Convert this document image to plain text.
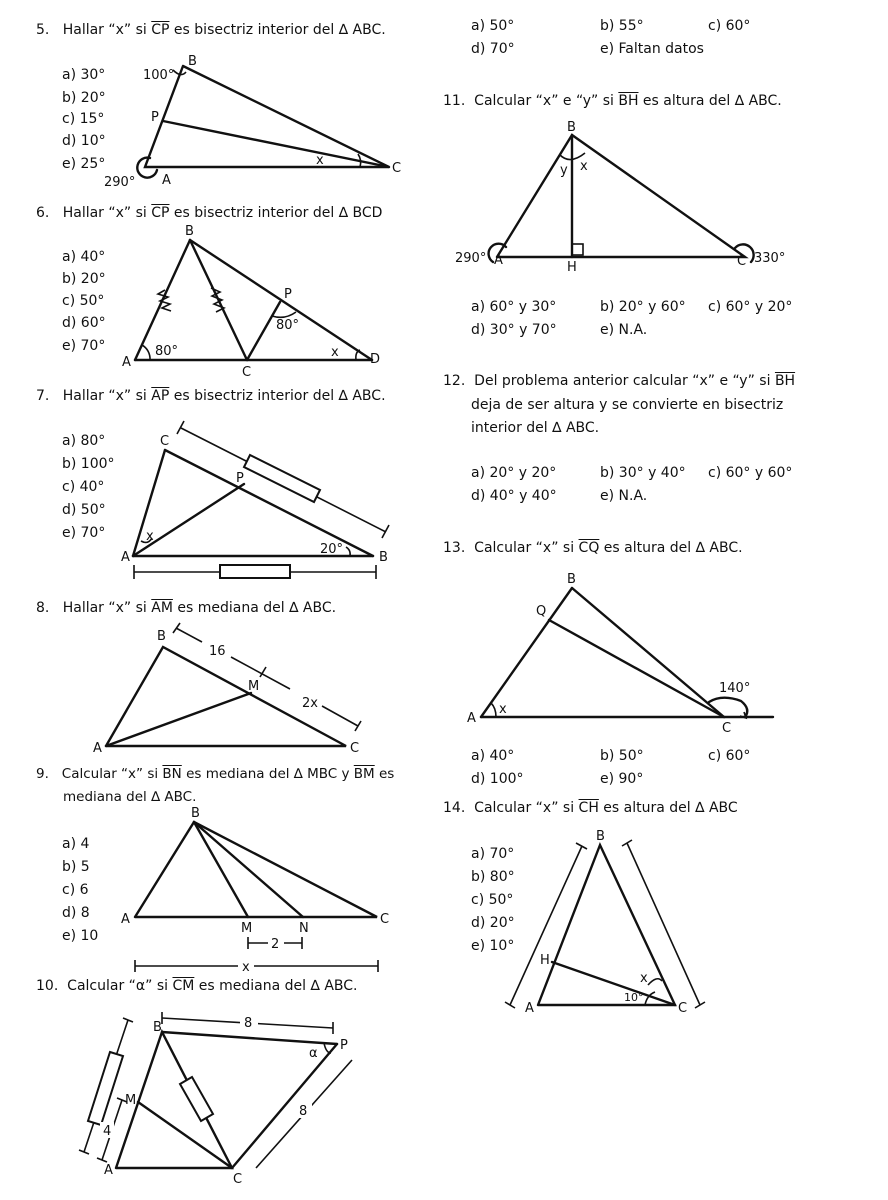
5. Hallar “x” si $\overline{CP}$ es bisectriz interior del ∆ ABC.
a) 30°
b) 20°
c) 15°
d) 10°
e) 25°
B
P
A
C
x
100°
290°
6. Hallar “x” si $\overline{CP}$ es bisectriz interior del ∆ BCD
a) 40°
b) 20°
c) 50°
d) 60°
e) 70°
B
P
A
C
D
x
80°
80°
7. Hallar “x” si $\overline{AP}$ es bisectriz interior del ∆ ABC.
a) 80°
b) 100°
c) 40°
d) 50°
e) 70°
C
P
A	B
x
20°
8. Hallar “x” si $\overline{AM}$ es mediana del ∆ ABC.
B
M
A	C
16
2x
9. Calcular “x” si $\overline{BN}$ es mediana del ∆ MBC y $\overline{BM}$ es
mediana del ∆ ABC.
a) 4
b) 5
c) 6
d) 8
e) 10
B
A
M	N
C
2
x
10. Calcular “α” si $\overline{CM}$ es mediana del ∆ ABC.
B
P
M
A
C
α
8
8
4
a) 50°	b) 55°	c) 60°
d) 70°	e) Faltan datos
11. Calcular “x” e “y” si $\overline{BH}$ es altura del ∆ ABC.
B
H
A	C
x
y
290°	330°
a) 60° y 30°	b) 20° y 60° c) 60° y 20°
d) 30° y 70°	e) N.A.
12. Del problema anterior calcular “x” e “y” si $\overline{BH}$
deja de ser altura y se convierte en bisectriz
interior del ∆ ABC.
a) 20° y 20°	b) 30° y 40° c) 60° y 60°
d) 40° y 40°	e) N.A.
13. Calcular “x” si $\overline{CQ}$ es altura del ∆ ABC.
B
Q
A
C
x
140°
a) 40°	b) 50°	c) 60°
d) 100°	e) 90°
14. Calcular “x” si $\overline{CH}$ es altura del ∆ ABC
a) 70°
b) 80°
c) 50°
d) 20°
e) 10°
B
H
A	C
x
10°
